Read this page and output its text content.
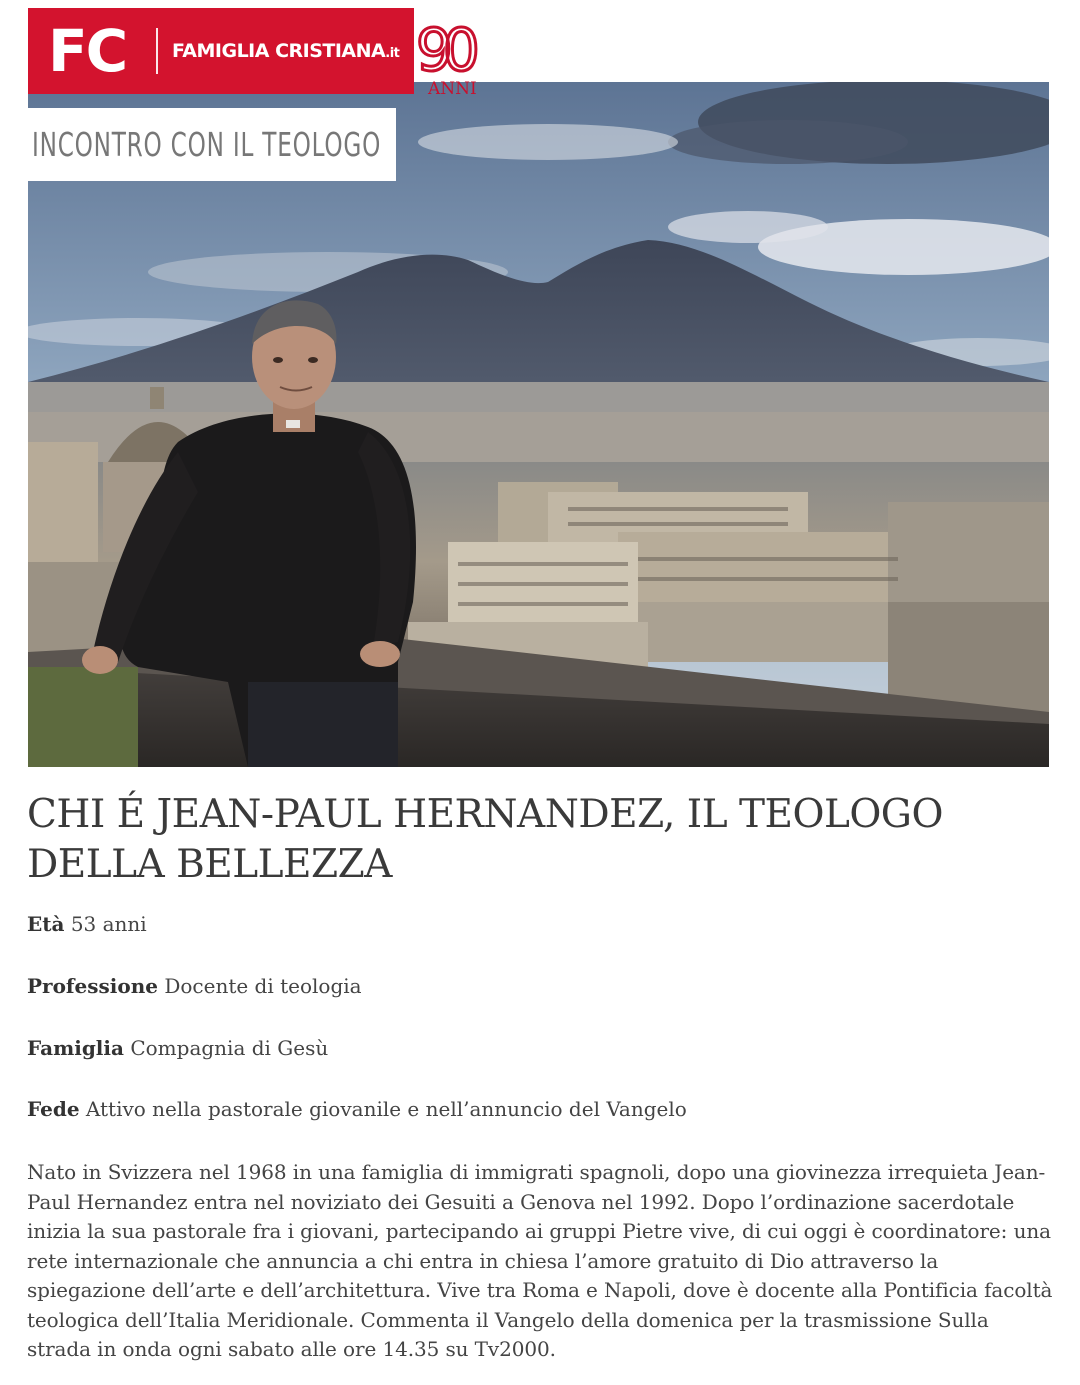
FC	FAMIGLIA CRISTIANA.it 90
ANNI
INCONTRO CON IL TEOLOGO
CHI É JEAN-PAUL HERNANDEZ, IL TEOLOGO DELLA BELLEZZA
Età 53 anni
Professione Docente di teologia
Famiglia Compagnia di Gesù
Fede Attivo nella pastorale giovanile e nell’annuncio del Vangelo

Nato in Svizzera nel 1968 in una famiglia di immigrati spagnoli, dopo una giovinezza irrequieta Jean-Paul Hernandez entra nel noviziato dei Gesuiti a Genova nel 1992. Dopo l’ordinazione sacerdotale inizia la sua pastorale fra i giovani, partecipando ai gruppi Pietre vive, di cui oggi è coordinatore: una rete internazionale che annuncia a chi entra in chiesa l’amore gratuito di Dio attraverso la spiegazione dell’arte e dell’architettura. Vive tra Roma e Napoli, dove è docente alla Pontificia facoltà teologica dell’Italia Meridionale. Commenta il Vangelo della domenica per la trasmissione Sulla strada in onda ogni sabato alle ore 14.35 su Tv2000.
